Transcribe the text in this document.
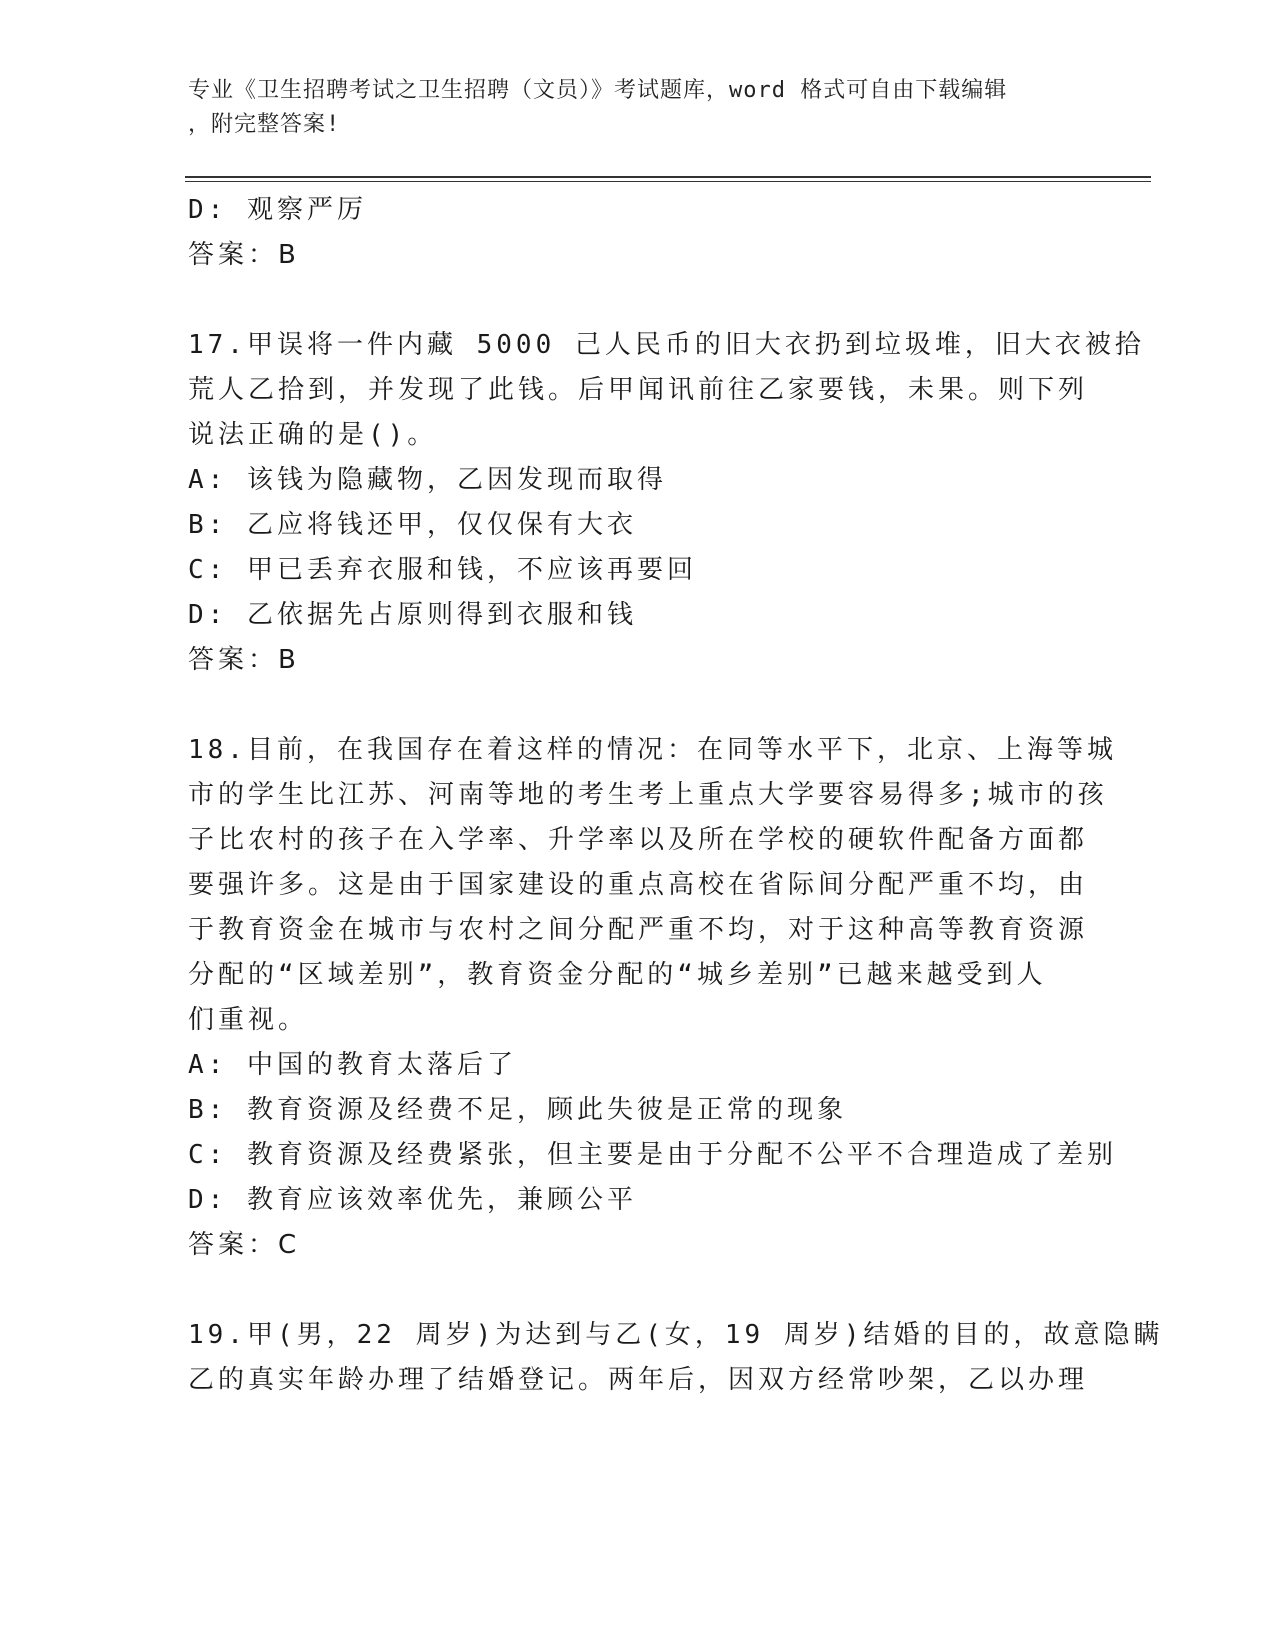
专业《卫生招聘考试之卫生招聘（文员）》考试题库，word 格式可自由下载编辑
，附完整答案!
D: 观察严厉
答案：B
17.甲误将一件内藏 5000 己人民币的旧大衣扔到垃圾堆，旧大衣被拾
荒人乙拾到，并发现了此钱。后甲闻讯前往乙家要钱，未果。则下列
说法正确的是()。
A: 该钱为隐藏物，乙因发现而取得
B: 乙应将钱还甲，仅仅保有大衣
C: 甲已丢弃衣服和钱，不应该再要回
D: 乙依据先占原则得到衣服和钱
答案：B
18.目前，在我国存在着这样的情况：在同等水平下，北京、上海等城
市的学生比江苏、河南等地的考生考上重点大学要容易得多;城市的孩
子比农村的孩子在入学率、升学率以及所在学校的硬软件配备方面都
要强许多。这是由于国家建设的重点高校在省际间分配严重不均，由
于教育资金在城市与农村之间分配严重不均，对于这种高等教育资源
分配的“区域差别”，教育资金分配的“城乡差别”已越来越受到人
们重视。
A: 中国的教育太落后了
B: 教育资源及经费不足，顾此失彼是正常的现象
C: 教育资源及经费紧张，但主要是由于分配不公平不合理造成了差别
D: 教育应该效率优先，兼顾公平
答案：C
19.甲(男，22 周岁)为达到与乙(女，19 周岁)结婚的目的，故意隐瞒
乙的真实年龄办理了结婚登记。两年后，因双方经常吵架，乙以办理
